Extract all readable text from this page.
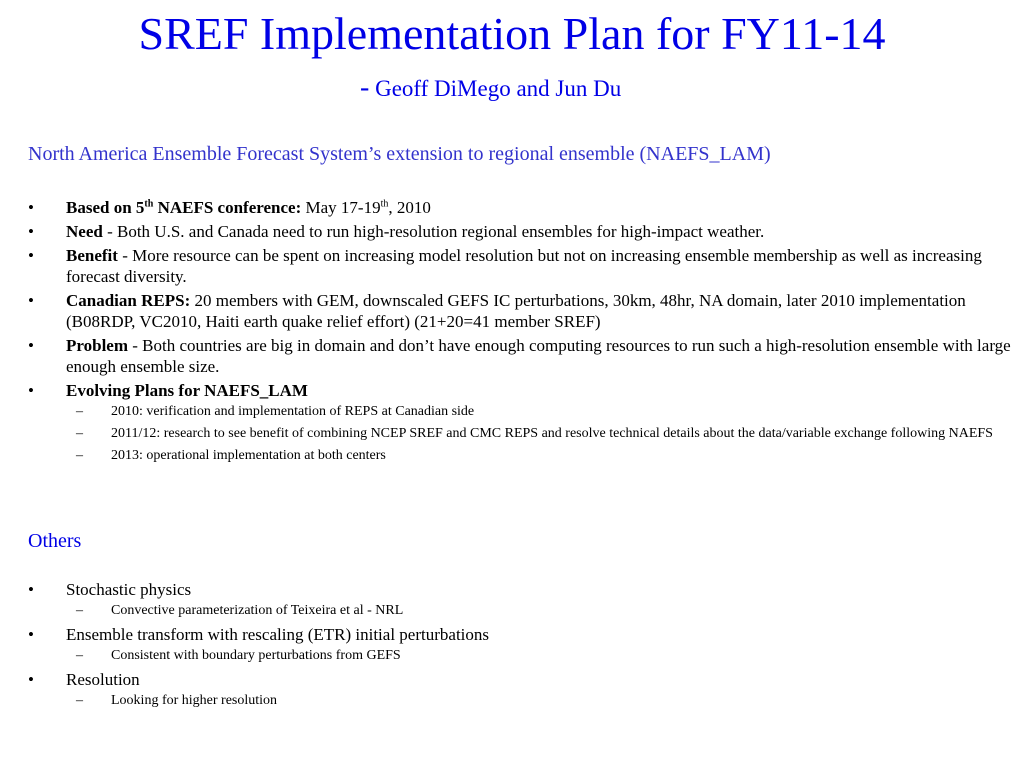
SREF Implementation Plan for FY11-14
- Geoff DiMego and Jun Du
North America Ensemble Forecast System’s extension to regional ensemble (NAEFS_LAM)
• Based on 5th NAEFS conference: May 17-19th, 2010
• Need - Both U.S. and Canada need to run high-resolution regional ensembles for high-impact weather.
• Benefit - More resource can be spent on increasing model resolution but not on increasing ensemble membership as well as increasing forecast diversity.
• Canadian REPS: 20 members with GEM, downscaled GEFS IC perturbations, 30km, 48hr, NA domain, later 2010 implementation (B08RDP, VC2010, Haiti earth quake relief effort) (21+20=41 member SREF)
• Problem - Both countries are big in domain and don’t have enough computing resources to run such a high-resolution ensemble with large enough ensemble size.
• Evolving Plans for NAEFS_LAM
– 2010: verification and implementation of REPS at Canadian side
– 2011/12: research to see benefit of combining NCEP SREF and CMC REPS and resolve technical details about the data/variable exchange following NAEFS
– 2013: operational implementation at both centers
Others
• Stochastic physics
– Convective parameterization of Teixeira et al - NRL
• Ensemble transform with rescaling (ETR) initial perturbations
– Consistent with boundary perturbations from GEFS
• Resolution
– Looking for higher resolution
